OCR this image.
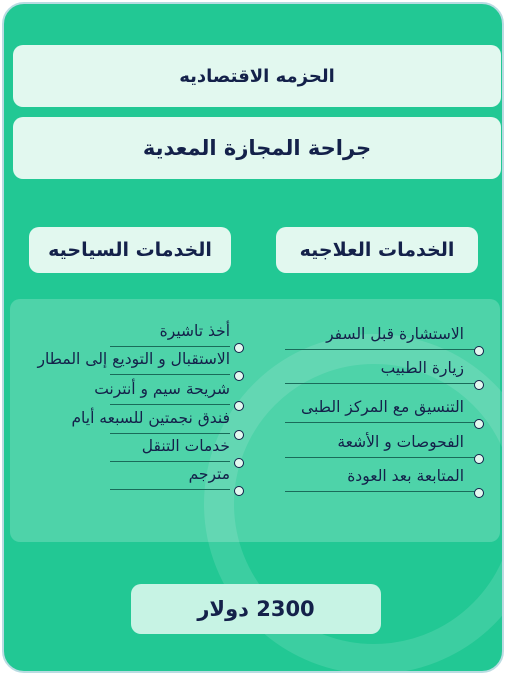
الحزمه الاقتصاديه
جراحة المجازة المعدية
الخدمات العلاجيه
الخدمات السياحيه
الاستشارة قبل السفر
زيارة الطبيب
التنسيق مع المركز الطبى
الفحوصات و الأشعة
المتابعة بعد العودة
أخذ تاشيرة
الاستقبال و التوديع إلى المطار
شريحة سيم و أنترنت
فندق نجمتين للسبعه أيام
خدمات التنقل
مترجم
2300 دولار
